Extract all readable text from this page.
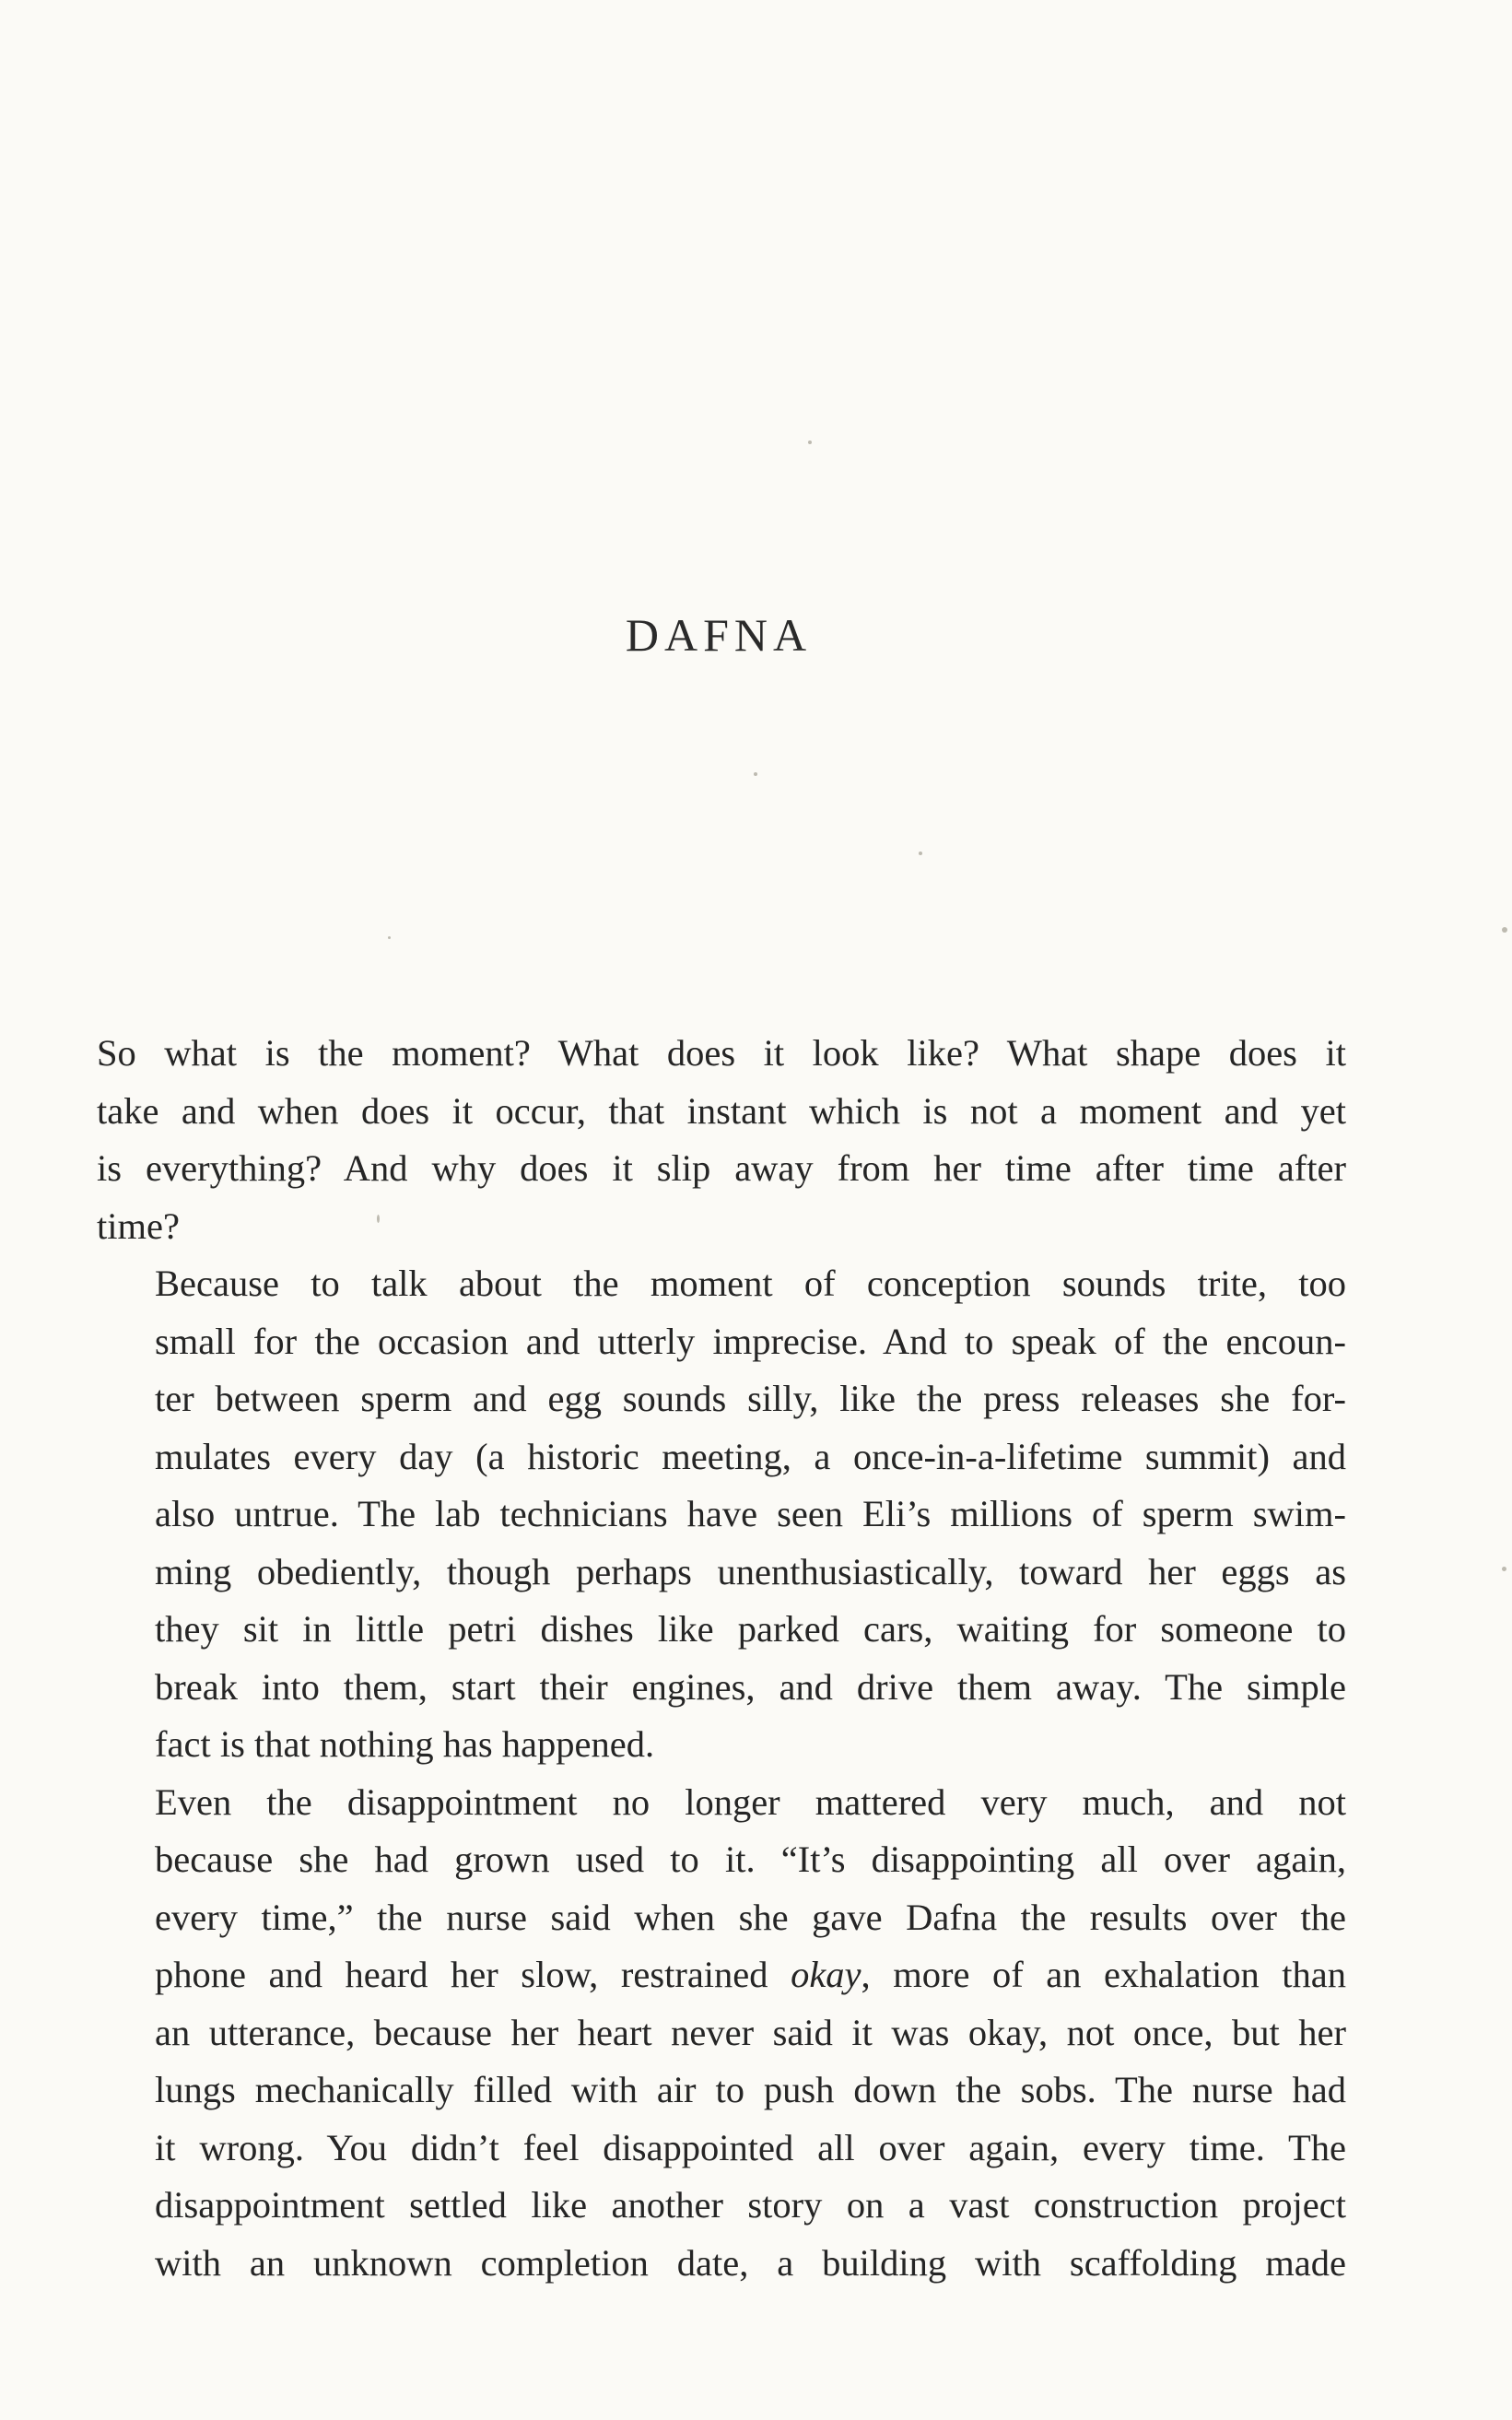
DAFNA

So what is the moment? What does it look like? What shape does it
take and when does it occur, that instant which is not a moment and yet
is everything? And why does it slip away from her time after time after
time?

Because to talk about the moment of conception sounds trite, too
small for the occasion and utterly imprecise. And to speak of the encoun-
ter between sperm and egg sounds silly, like the press releases she for-
mulates every day (a historic meeting, a once-in-a-lifetime summit) and
also untrue. The lab technicians have seen Eli’s millions of sperm swim-
ming obediently, though perhaps unenthusiastically, toward her eggs as
they sit in little petri dishes like parked cars, waiting for someone to
break into them, start their engines, and drive them away. The simple
fact is that nothing has happened.

Even the disappointment no longer mattered very much, and not
because she had grown used to it. “It’s disappointing all over again,
every time,” the nurse said when she gave Dafna the results over the
phone and heard her slow, restrained okay, more of an exhalation than
an utterance, because her heart never said it was okay, not once, but her
lungs mechanically filled with air to push down the sobs. The nurse had
it wrong. You didn’t feel disappointed all over again, every time. The
disappointment settled like another story on a vast construction project
with an unknown completion date, a building with scaffolding made
